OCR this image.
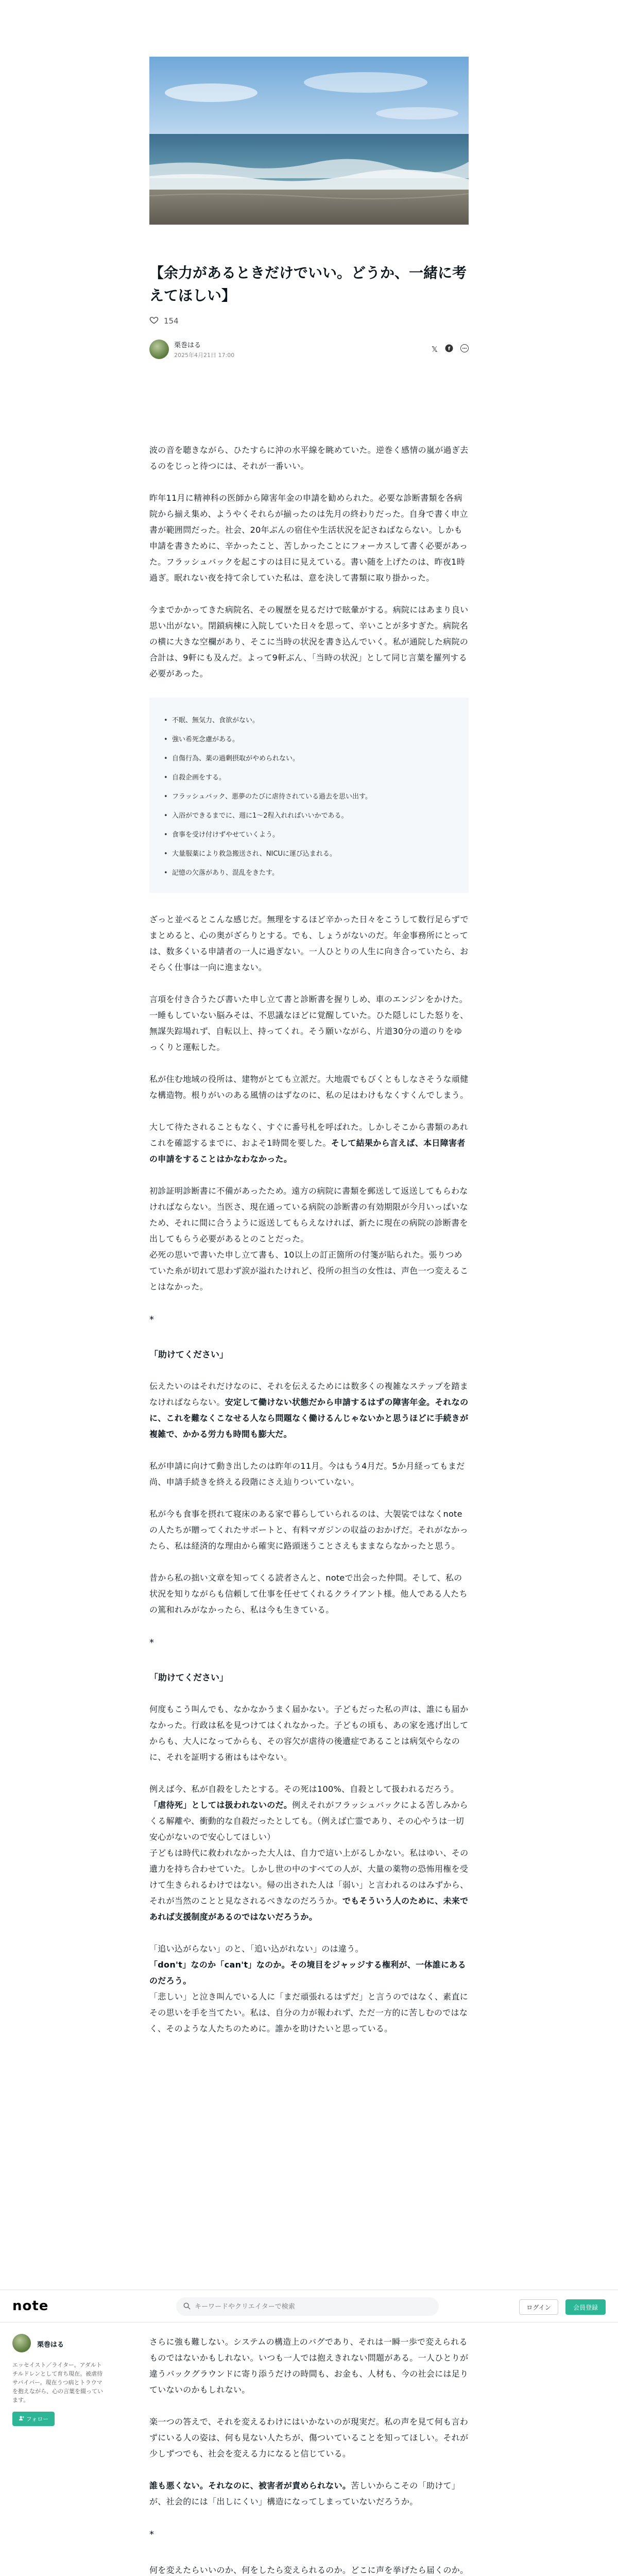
【余力があるときだけでいい。どうか、一緒に考えてほしい】
154
栗巻はる
2025年4月21日 17:00
𝕏 f

波の音を聴きながら、ひたすらに沖の水平線を眺めていた。逆巻く感情の嵐が過ぎ去るのをじっと待つには、それが一番いい。

昨年11月に精神科の医師から障害年金の申請を勧められた。必要な診断書類を各病院から揃え集め、ようやくそれらが揃ったのは先月の終わりだった。自身で書く申立書が範囲問だった。社会、20年ぶんの宿住や生活状況を記さねばならない。しかも申請を書きために、辛かったこと、苦しかったことにフォーカスして書く必要があった。フラッシュバックを起こすのは目に見えている。書い随を上げたのは、昨夜1時過ぎ。眠れない夜を持て余していた私は、意を決して書類に取り掛かった。

今までかかってきた病院名、その履歴を見るだけで眩暈がする。病院にはあまり良い思い出がない。閉鎖病棟に入院していた日々を思って、辛いことが多すぎた。病院名の横に大きな空欄があり、そこに当時の状況を書き込んでいく。私が通院した病院の合計は、9軒にも及んだ。よって9軒ぶん、「当時の状況」として同じ言葉を羅列する必要があった。

• 不眠、無気力、食欲がない。
• 強い希死念慮がある。
• 自傷行為、薬の過剰摂取がやめられない。
• 自殺企画をする。
• フラッシュバック、悪夢のたびに虐待されている過去を思い出す。
• 入浴ができるまでに、週に1〜2程入れればいいかである。
• 食事を受け付けずやせていくよう。
• 大量服薬により救急搬送され、NICUに運び込まれる。
• 記憶の欠落があり、混乱をきたす。

ざっと並べるとこんな感じだ。無理をするほど辛かった日々をこうして数行足らずでまとめると、心の奥がざらりとする。でも、しょうがないのだ。年金事務所にとっては、数多くいる申請者の一人に過ぎない。一人ひとりの人生に向き合っていたら、おそらく仕事は一向に進まない。

言項を付き合うたび書いた申し立て書と診断書を握りしめ、車のエンジンをかけた。一睡もしていない脳みそは、不思議なほどに覚醒していた。ひた隠しにした怒りを、無謀失踪場れず、自転以上、持ってくれ。そう願いながら、片道30分の道のりをゆっくりと運転した。

私が住む地域の役所は、建物がとても立派だ。大地震でもびくともしなさそうな頑健な構造物。根りがいのある風情のはずなのに、私の足はわけもなくすくんでしまう。

大して待たされることもなく、すぐに番号札を呼ばれた。しかしそこから書類のあれこれを確認するまでに、およそ1時間を要した。そして結果から言えば、本日障害者の申請をすることはかなわなかった。

初診証明診断書に不備があったため。遠方の病院に書類を郵送して返送してもらわなければならない。当医さ、現在通っている病院の診断書の有効期限が今月いっぱいなため、それに間に合うように返送してもらえなければ、新たに現在の病院の診断書を出してもらう必要があるとのことだった。
必死の思いで書いた申し立て書も、10以上の訂正箇所の付箋が貼られた。張りつめていた糸が切れて思わず涙が溢れたけれど、役所の担当の女性は、声色一つ変えることはなかった。

*
「助けてください」

伝えたいのはそれだけなのに、それを伝えるためには数多くの複雑なステップを踏まなければならない。安定して働けない状態だから申請するはずの障害年金。それなのに、これを難なくこなせる人なら問題なく働けるんじゃないかと思うほどに手続きが複雑で、かかる労力も時間も膨大だ。

私が申請に向けて動き出したのは昨年の11月。今はもう4月だ。5か月経ってもまだ尚、申請手続きを終える段階にさえ辿りついていない。

私が今も食事を摂れて寝床のある家で暮らしていられるのは、大袈裟ではなくnoteの人たちが贈ってくれたサポートと、有料マガジンの収益のおかげだ。それがなかったら、私は経済的な理由から確実に路頭迷うことさえもままならなかったと思う。

昔から私の拙い文章を知ってくる読者さんと、noteで出会った仲間。そして、私の状況を知りながらも信頼して仕事を任せてくれるクライアント様。他人である人たちの篤和れみがなかったら、私は今も生きている。

*
「助けてください」

何度もこう叫んでも、なかなかうまく届かない。子どもだった私の声は、誰にも届かなかった。行政は私を見つけてはくれなかった。子どもの頃も、あの家を逃げ出してからも、大人になってからも、その容欠が虐待の後遺症であることは病気やらなのに、それを証明する術はもはやない。

例えば今、私が自殺をしたとする。その死は100%、自殺として扱われるだろう。「虐待死」としては扱われないのだ。例えそれがフラッシュバックによる苦しみからくる解離や、衝動的な自殺だったとしても。（例えば亡霊であり、その心やうは一切安心がないので安心してほしい）
子どもは時代に救われなかった大人は、自力で這い上がるしかない。私はゆい、その遺力を持ち合わせていた。しかし世の中のすべての人が、大量の薬物の恐怖用権を受けて生きられるわけではない。帰の出された人は「弱い」と言われるのはみずから、それが当然のことと見なされるべきなのだろうか。でもそういう人のために、未来であれば支援制度があるのではないだろうか。

「追い込がらない」のと、「追い込がれない」のは違う。
「don't」なのか「can't」なのか。その境目をジャッジする権利が、一体誰にあるのだろう。
「悲しい」と泣き叫んでいる人に「まだ頑張れるはずだ」と言うのではなく、素直にその思いを手を当てたい。私は、自分の力が報われず、ただ一方的に苦しむのではなく、そのような人たちのために。誰かを助けたいと思っている。

note
キーワードやクリエイターで検索	ログイン	会員登録
栗巻はる
エッセイスト／ライター。アダルトチルドレンとして育ち現在。被虐待サバイバー。現在うつ病とトラウマを抱えながら、心の言葉を綴っています。
フォロー

さらに強も難しない。システムの構造上のバグであり、それは一瞬一歩で変えられるものではないかもしれない。いつも一人では抱えきれない問題がある。一人ひとりが違うバックグラウンドに寄り添うだけの時間も、お金も、人材も、今の社会には足りていないのかもしれない。

楽一つの答えで、それを変えるわけにはいかないのが現実だ。私の声を見て何も言わずにいる人の姿は、何も見ない人たちが、傷ついていることを知ってほしい。それが少しずつでも、社会を変える力になると信じている。

誰も悪くない。それなのに、被害者が責められない。苦しいからこその「助けて」が、社会的には「出しにくい」構造になってしまっていないだろうか。

*

何を変えたらいいのか、何をしたら変えられるのか。どこに声を挙げたら届くのか。
